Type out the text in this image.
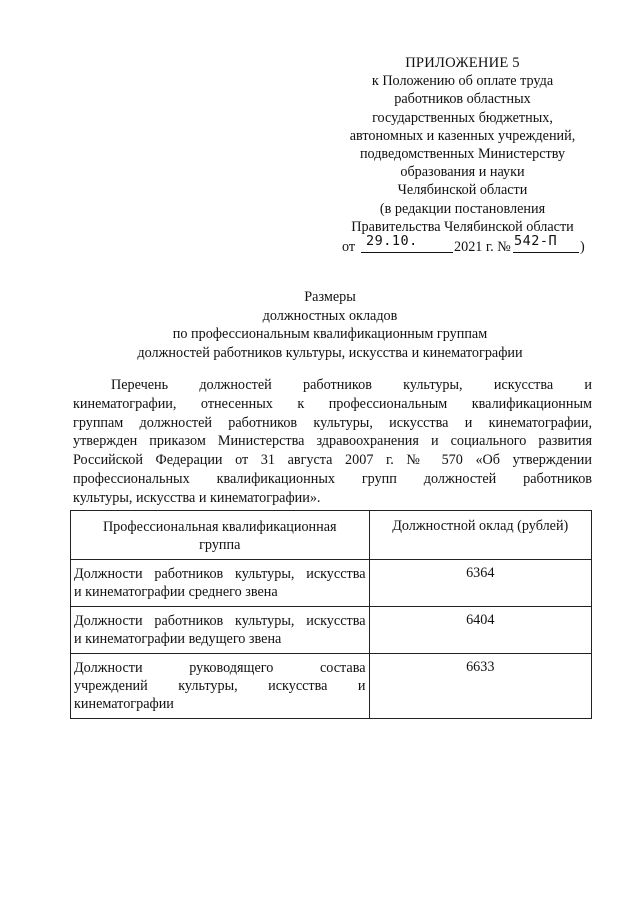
ПРИЛОЖЕНИЕ 5
к Положению об оплате труда
работников областных
государственных бюджетных,
автономных и казенных учреждений,
подведомственных Министерству
образования и науки
Челябинской области
(в редакции постановления
Правительства Челябинской области
от 29.10.	2021 г. № 542-П )
Размеры
должностных окладов
по профессиональным квалификационным группам
должностей работников культуры, искусства и кинематографии
Перечень должностей работников культуры, искусства и
кинематографии, отнесенных к профессиональным квалификационным
группам должностей работников культуры, искусства и кинематографии,
утвержден приказом Министерства здравоохранения и социального развития
Российской Федерации от 31 августа 2007 г. № 570 «Об утверждении
профессиональных квалификационных групп должностей работников
культуры, искусства и кинематографии».
Профессиональная квалификационная
группа	Должностной оклад (рублей)

Должности работников культуры, искусства
и кинематографии среднего звена	6364

Должности работников культуры, искусства
и кинематографии ведущего звена	6404

Должности руководящего состава
учреждений культуры, искусства и
кинематографии	6633
